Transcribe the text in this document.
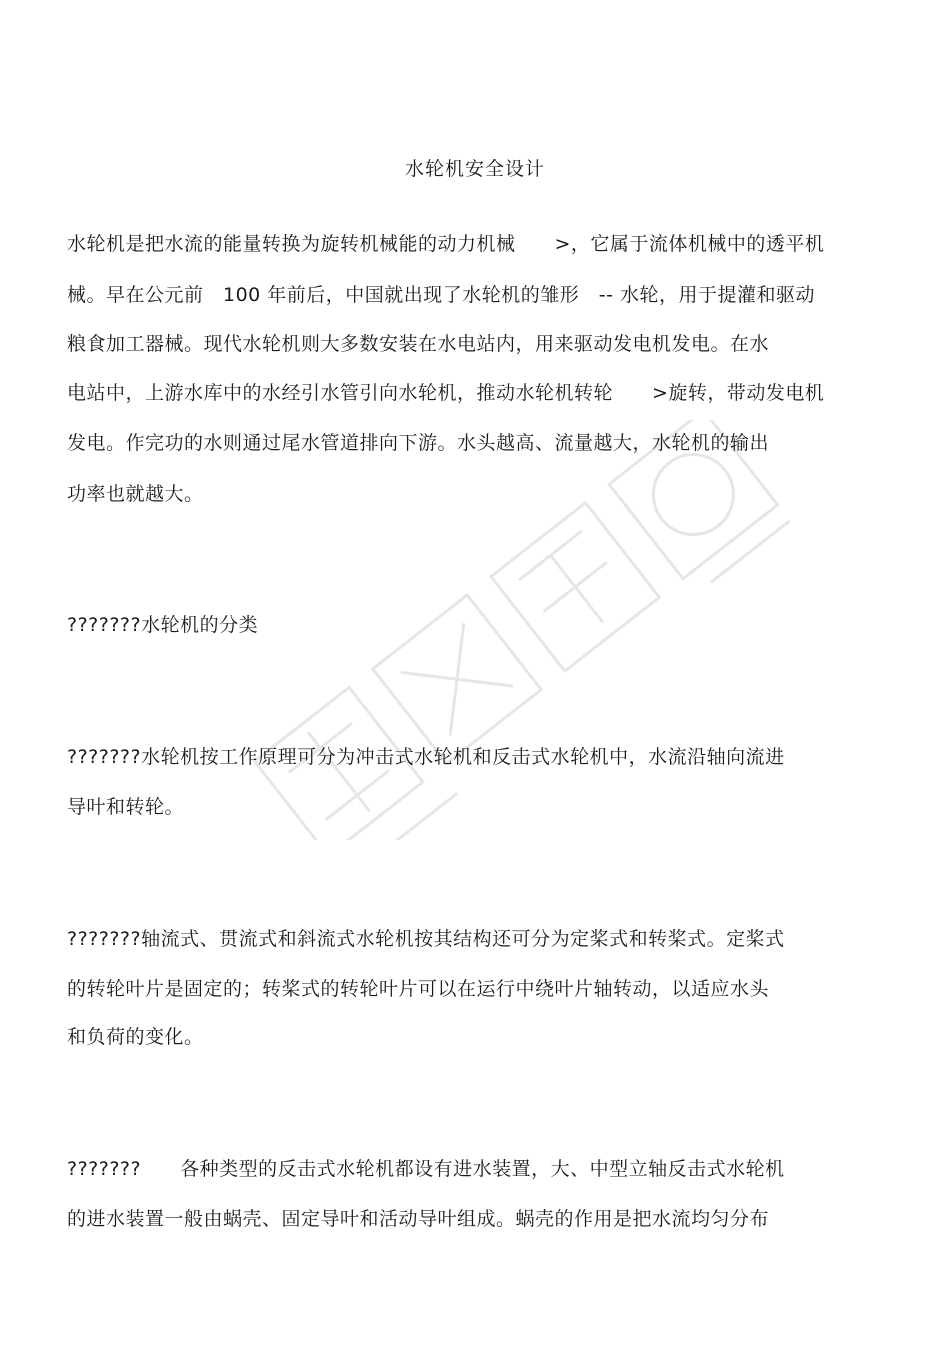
水轮机安全设计
水轮机是把水流的能量转换为旋转机械能的动力机械　　>，它属于流体机械中的透平机
械。早在公元前　100 年前后，中国就出现了水轮机的雏形　-- 水轮，用于提灌和驱动
粮食加工器械。现代水轮机则大多数安装在水电站内，用来驱动发电机发电。在水
电站中，上游水库中的水经引水管引向水轮机，推动水轮机转轮　　>旋转，带动发电机
发电。作完功的水则通过尾水管道排向下游。水头越高、流量越大，水轮机的输出
功率也就越大。
???????水轮机的分类
???????水轮机按工作原理可分为冲击式水轮机和反击式水轮机中，水流沿轴向流进
导叶和转轮。
???????轴流式、贯流式和斜流式水轮机按其结构还可分为定桨式和转桨式。定桨式
的转轮叶片是固定的；转桨式的转轮叶片可以在运行中绕叶片轴转动，以适应水头
和负荷的变化。
???????　　各种类型的反击式水轮机都设有进水装置，大、中型立轴反击式水轮机
的进水装置一般由蜗壳、固定导叶和活动导叶组成。蜗壳的作用是把水流均匀分布
